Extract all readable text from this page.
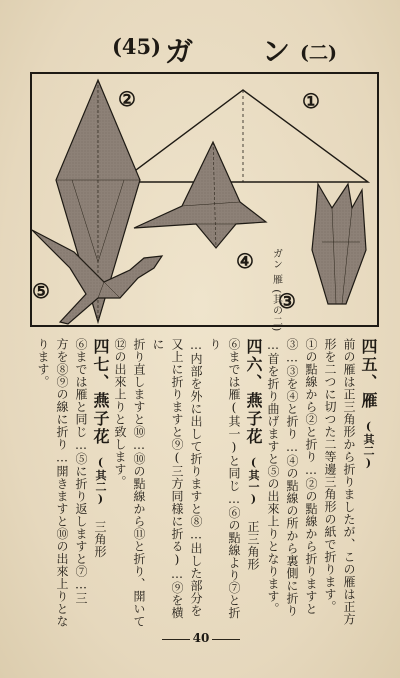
(45) ガ ン (二)
①
②
③
④
⑤	ガン 雁 (其の二)
四五、雁(其二)
前の雁は正三角形から折りましたが、この雁は正方
形を二つに切つた二等邊三角形の紙で折ります。
①の點線から②と折り…②の點線から折りますと
③…③を④と折り…④の點線の所から裏側に折り
…首を折り曲げますと⑤の出來上りとなります。
四六、燕子花(其一) 正三角形
⑥までは雁(其一)と同じ…⑥の點線より⑦と折り
…内部を外に出して折りますと⑧…出した部分を
又上に折りますと⑨(三方同様に折る)…⑨を横に
折り直しますと⑩…⑩の點線から⑪と折り、開いて
⑫の出來上りと致します。
四七、燕子花(其二) 三角形
⑥までは雁と同じ…⑤に折り返しますと⑦…三
方を⑧⑨の線に折り…開きますと⑩の出來上りとな
ります。
40
